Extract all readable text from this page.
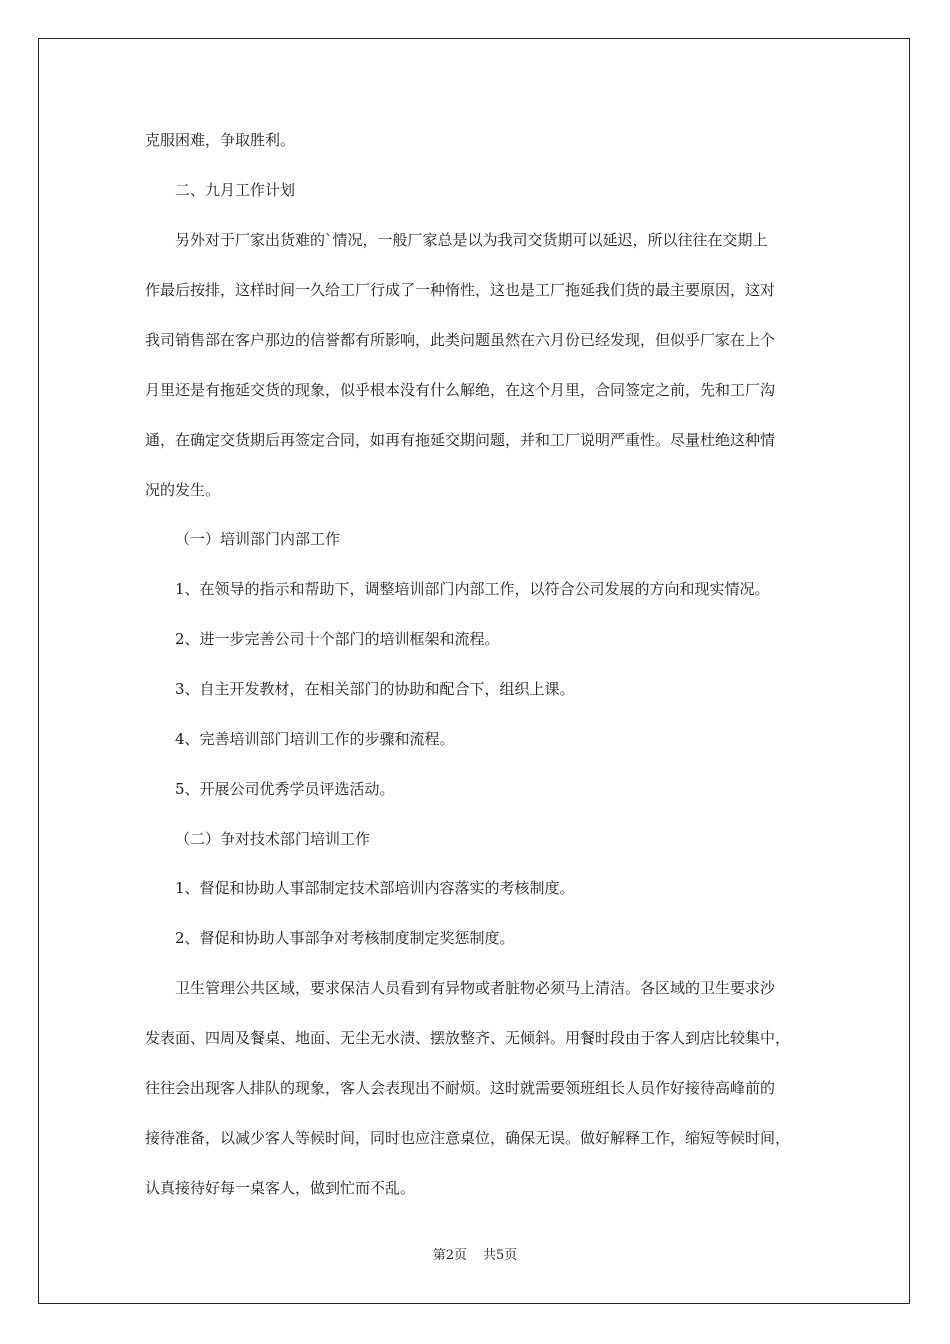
克服困难，争取胜利。
二、九月工作计划
另外对于厂家出货难的`情况，一般厂家总是以为我司交货期可以延迟，所以往往在交期上
作最后按排，这样时间一久给工厂行成了一种惰性，这也是工厂拖延我们货的最主要原因，这对
我司销售部在客户那边的信誉都有所影响，此类问题虽然在六月份已经发现，但似乎厂家在上个
月里还是有拖延交货的现象，似乎根本没有什么解绝，在这个月里，合同签定之前，先和工厂沟
通，在确定交货期后再签定合同，如再有拖延交期问题，并和工厂说明严重性。尽量杜绝这种情
况的发生。
（一）培训部门内部工作
1、在领导的指示和帮助下，调整培训部门内部工作，以符合公司发展的方向和现实情况。
2、进一步完善公司十个部门的培训框架和流程。
3、自主开发教材，在相关部门的协助和配合下，组织上课。
4、完善培训部门培训工作的步骤和流程。
5、开展公司优秀学员评选活动。
（二）争对技术部门培训工作
1、督促和协助人事部制定技术部培训内容落实的考核制度。
2、督促和协助人事部争对考核制度制定奖惩制度。
卫生管理公共区域，要求保洁人员看到有异物或者脏物必须马上清洁。各区域的卫生要求沙
发表面、四周及餐桌、地面、无尘无水渍、摆放整齐、无倾斜。用餐时段由于客人到店比较集中，
往往会出现客人排队的现象，客人会表现出不耐烦。这时就需要领班组长人员作好接待高峰前的
接待准备，以减少客人等候时间，同时也应注意桌位，确保无误。做好解释工作，缩短等候时间，
认真接待好每一桌客人，做到忙而不乱。
第2页 共5页
